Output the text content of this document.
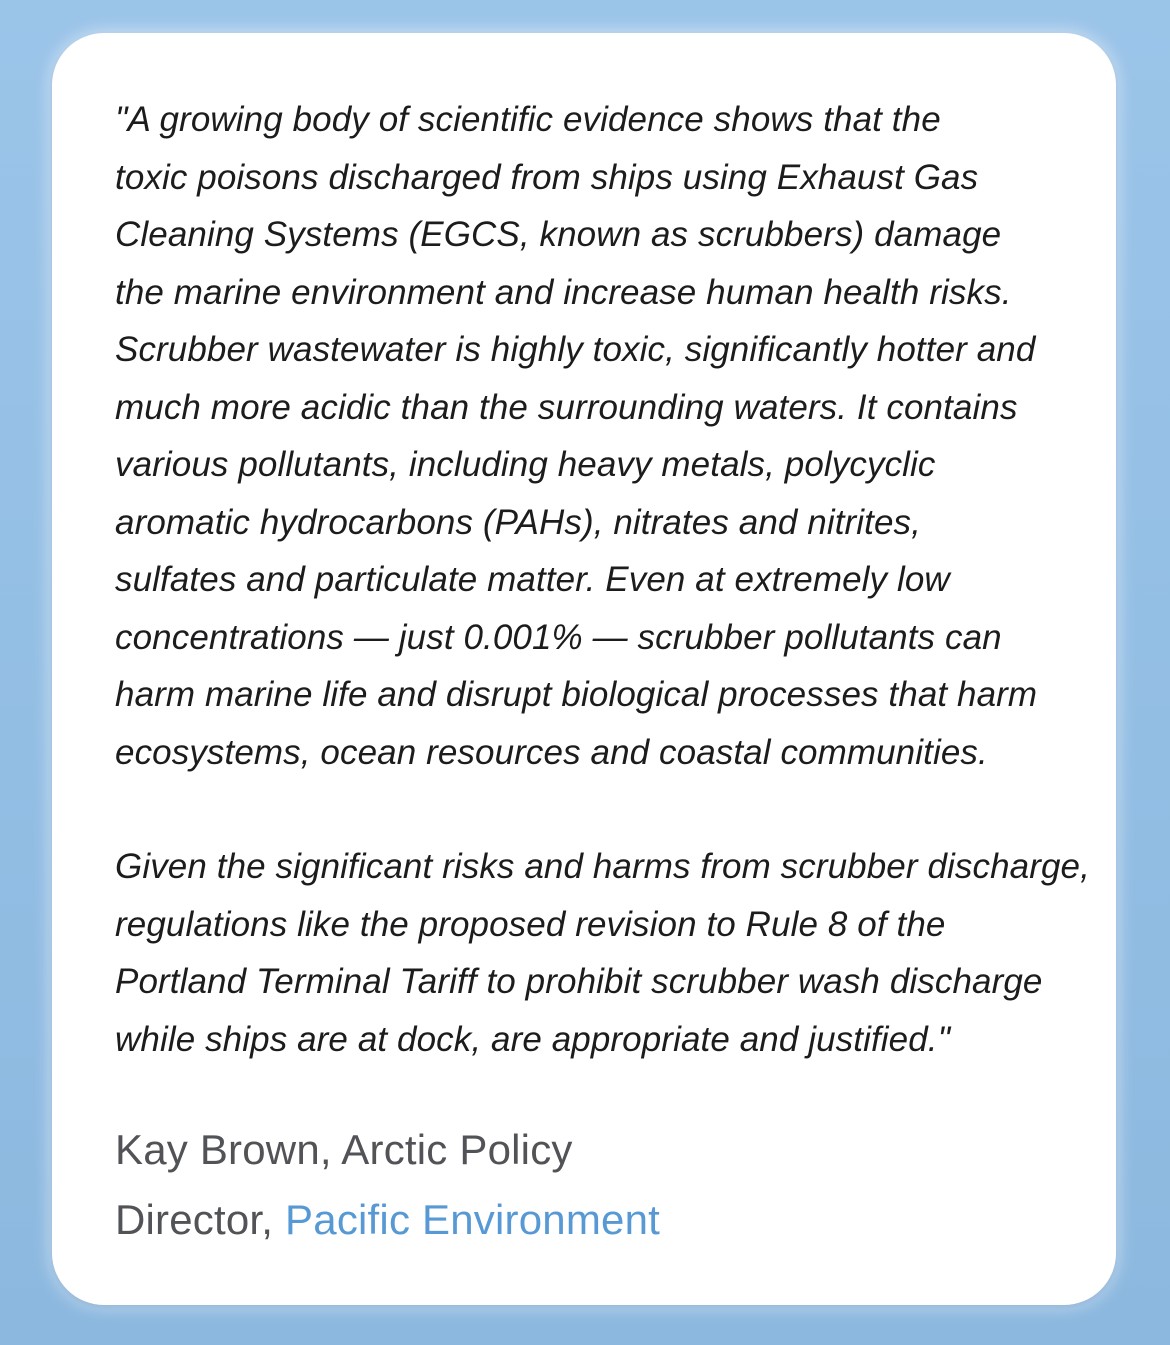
"A growing body of scientific evidence shows that the
toxic poisons discharged from ships using Exhaust Gas
Cleaning Systems (EGCS, known as scrubbers) damage
the marine environment and increase human health risks.
Scrubber wastewater is highly toxic, significantly hotter and
much more acidic than the surrounding waters. It contains
various pollutants, including heavy metals, polycyclic
aromatic hydrocarbons (PAHs), nitrates and nitrites,
sulfates and particulate matter. Even at extremely low
concentrations — just 0.001% — scrubber pollutants can
harm marine life and disrupt biological processes that harm
ecosystems, ocean resources and coastal communities.
Given the significant risks and harms from scrubber discharge,
regulations like the proposed revision to Rule 8 of the
Portland Terminal Tariff to prohibit scrubber wash discharge
while ships are at dock, are appropriate and justified."
Kay Brown, Arctic Policy
Director, Pacific Environment
